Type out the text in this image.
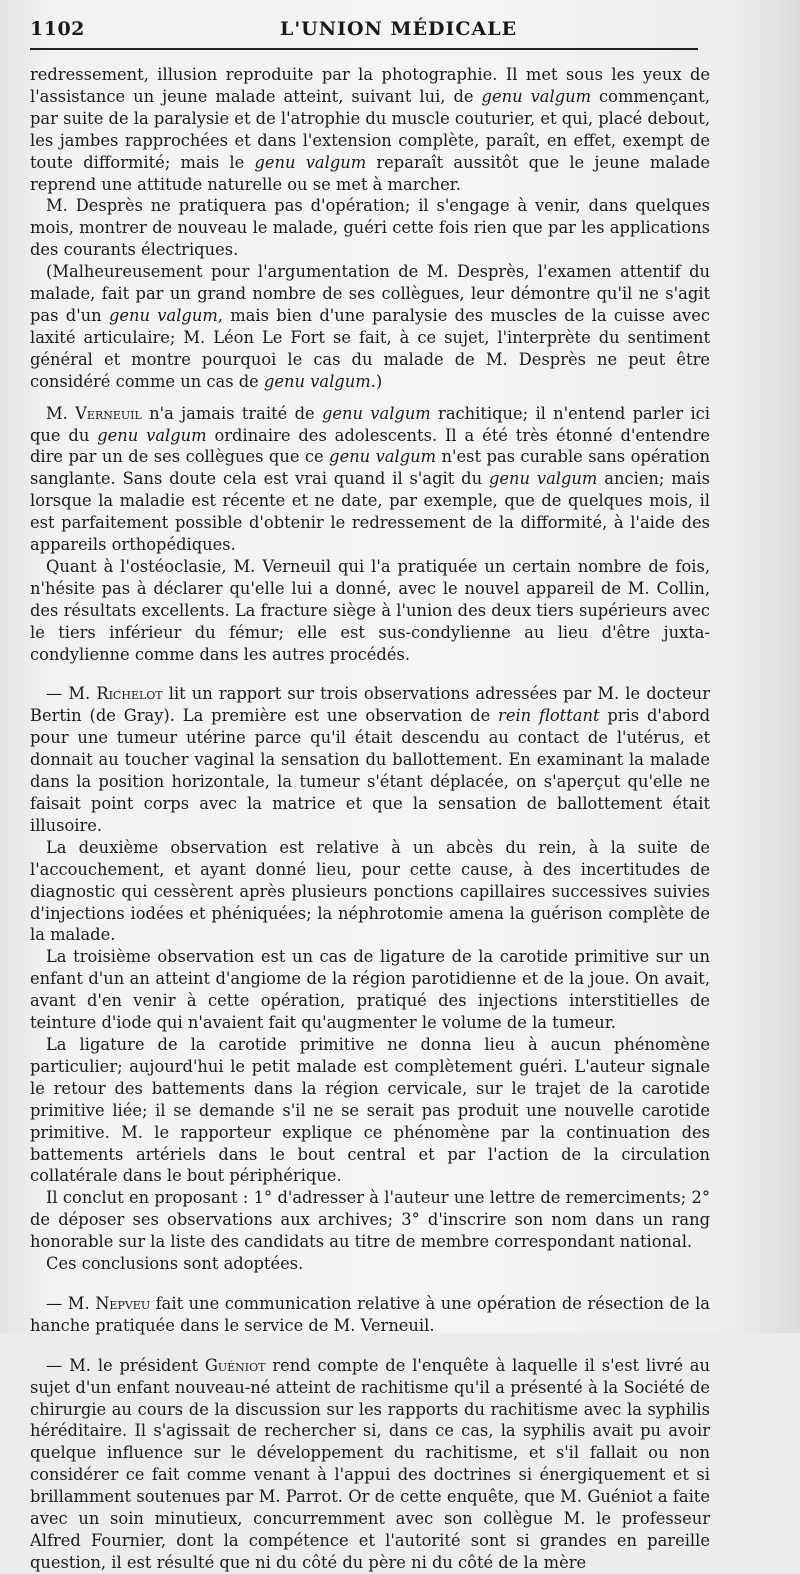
1102	L'UNION MÉDICALE

redressement, illusion reproduite par la photographie. Il met sous les yeux de l'assistance un jeune malade atteint, suivant lui, de genu valgum commençant, par suite de la paralysie et de l'atrophie du muscle couturier, et qui, placé debout, les jambes rapprochées et dans l'extension complète, paraît, en effet, exempt de toute difformité; mais le genu valgum reparaît aussitôt que le jeune malade reprend une attitude naturelle ou se met à marcher.

M. Desprès ne pratiquera pas d'opération; il s'engage à venir, dans quelques mois, montrer de nouveau le malade, guéri cette fois rien que par les applications des courants électriques.

(Malheureusement pour l'argumentation de M. Desprès, l'examen attentif du malade, fait par un grand nombre de ses collègues, leur démontre qu'il ne s'agit pas d'un genu valgum, mais bien d'une paralysie des muscles de la cuisse avec laxité articulaire; M. Léon Le Fort se fait, à ce sujet, l'interprète du sentiment général et montre pourquoi le cas du malade de M. Desprès ne peut être considéré comme un cas de genu valgum.)

M. Verneuil n'a jamais traité de genu valgum rachitique; il n'entend parler ici que du genu valgum ordinaire des adolescents. Il a été très étonné d'entendre dire par un de ses collègues que ce genu valgum n'est pas curable sans opération sanglante. Sans doute cela est vrai quand il s'agit du genu valgum ancien; mais lorsque la maladie est récente et ne date, par exemple, que de quelques mois, il est parfaitement possible d'obtenir le redressement de la difformité, à l'aide des appareils orthopédiques.

Quant à l'ostéoclasie, M. Verneuil qui l'a pratiquée un certain nombre de fois, n'hésite pas à déclarer qu'elle lui a donné, avec le nouvel appareil de M. Collin, des résultats excellents. La fracture siège à l'union des deux tiers supérieurs avec le tiers inférieur du fémur; elle est sus-condylienne au lieu d'être juxta-condylienne comme dans les autres procédés.

— M. Richelot lit un rapport sur trois observations adressées par M. le docteur Bertin (de Gray). La première est une observation de rein flottant pris d'abord pour une tumeur utérine parce qu'il était descendu au contact de l'utérus, et donnait au toucher vaginal la sensation du ballottement. En examinant la malade dans la position horizontale, la tumeur s'étant déplacée, on s'aperçut qu'elle ne faisait point corps avec la matrice et que la sensation de ballottement était illusoire.

La deuxième observation est relative à un abcès du rein, à la suite de l'accouchement, et ayant donné lieu, pour cette cause, à des incertitudes de diagnostic qui cessèrent après plusieurs ponctions capillaires successives suivies d'injections iodées et phéniquées; la néphrotomie amena la guérison complète de la malade.

La troisième observation est un cas de ligature de la carotide primitive sur un enfant d'un an atteint d'angiome de la région parotidienne et de la joue. On avait, avant d'en venir à cette opération, pratiqué des injections interstitielles de teinture d'iode qui n'avaient fait qu'augmenter le volume de la tumeur.

La ligature de la carotide primitive ne donna lieu à aucun phénomène particulier; aujourd'hui le petit malade est complètement guéri. L'auteur signale le retour des battements dans la région cervicale, sur le trajet de la carotide primitive liée; il se demande s'il ne se serait pas produit une nouvelle carotide primitive. M. le rapporteur explique ce phénomène par la continuation des battements artériels dans le bout central et par l'action de la circulation collatérale dans le bout périphérique.

Il conclut en proposant : 1° d'adresser à l'auteur une lettre de remerciments; 2° de déposer ses observations aux archives; 3° d'inscrire son nom dans un rang honorable sur la liste des candidats au titre de membre correspondant national.

Ces conclusions sont adoptées.

— M. Nepveu fait une communication relative à une opération de résection de la hanche pratiquée dans le service de M. Verneuil.

— M. le président Guéniot rend compte de l'enquête à laquelle il s'est livré au sujet d'un enfant nouveau-né atteint de rachitisme qu'il a présenté à la Société de chirurgie au cours de la discussion sur les rapports du rachitisme avec la syphilis héréditaire. Il s'agissait de rechercher si, dans ce cas, la syphilis avait pu avoir quelque influence sur le développement du rachitisme, et s'il fallait ou non considérer ce fait comme venant à l'appui des doctrines si énergiquement et si brillamment soutenues par M. Parrot. Or de cette enquête, que M. Guéniot a faite avec un soin minutieux, concurremment avec son collègue M. le professeur Alfred Fournier, dont la compétence et l'autorité sont si grandes en pareille question, il est résulté que ni du côté du père ni du côté de la mère
